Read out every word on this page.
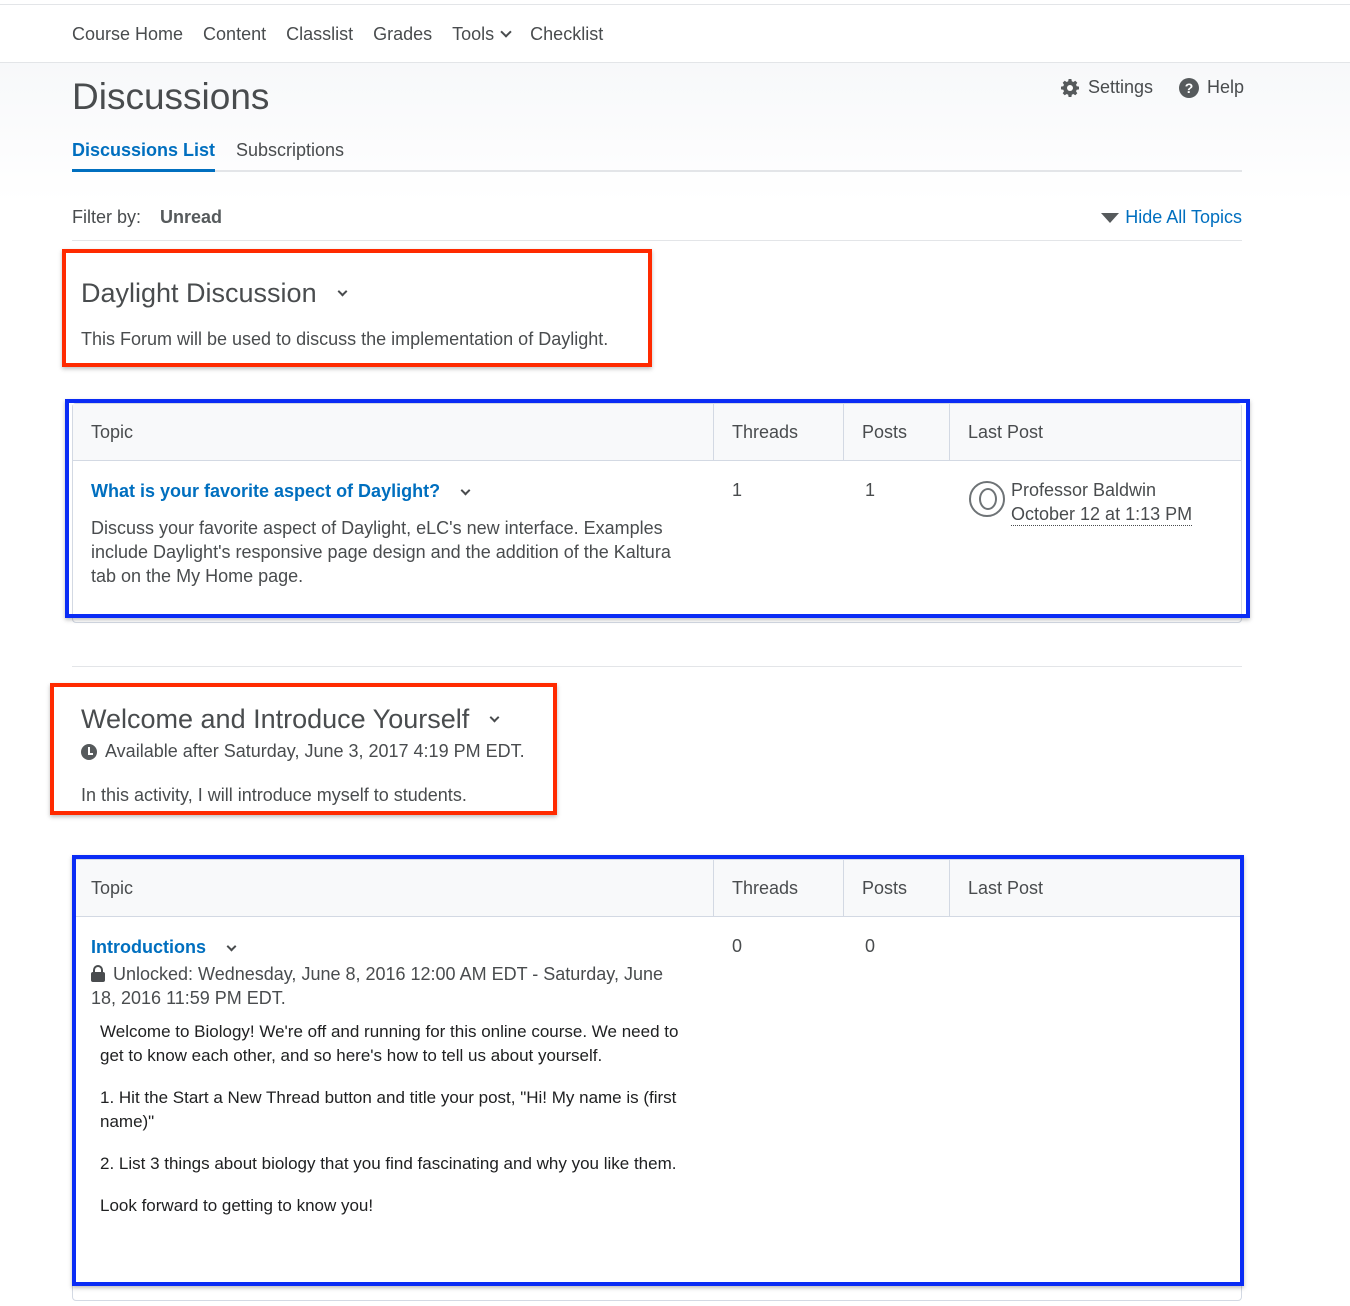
Course Home Content Classlist Grades Tools Checklist
Discussions	Settings	? Help
Discussions List Subscriptions
Filter by: Unread	Hide All Topics
Daylight Discussion
This Forum will be used to discuss the implementation of Daylight.
Topic	Threads	Posts	Last Post
What is your favorite aspect of Daylight?
Discuss your favorite aspect of Daylight, eLC's new interface. Examples include Daylight's responsive page design and the addition of the Kaltura tab on the My Home page.
1	1	Professor Baldwin
October 12 at 1:13 PM
Welcome and Introduce Yourself
Available after Saturday, June 3, 2017 4:19 PM EDT.
In this activity, I will introduce myself to students.
Topic	Threads	Posts	Last Post
Introductions
Unlocked: Wednesday, June 8, 2016 12:00 AM EDT - Saturday, June 18, 2016 11:59 PM EDT.

Welcome to Biology! We're off and running for this online course. We need to get to know each other, and so here's how to tell us about yourself.

1. Hit the Start a New Thread button and title your post, "Hi! My name is (first name)"

2. List 3 things about biology that you find fascinating and why you like them.

Look forward to getting to know you!

0	0
